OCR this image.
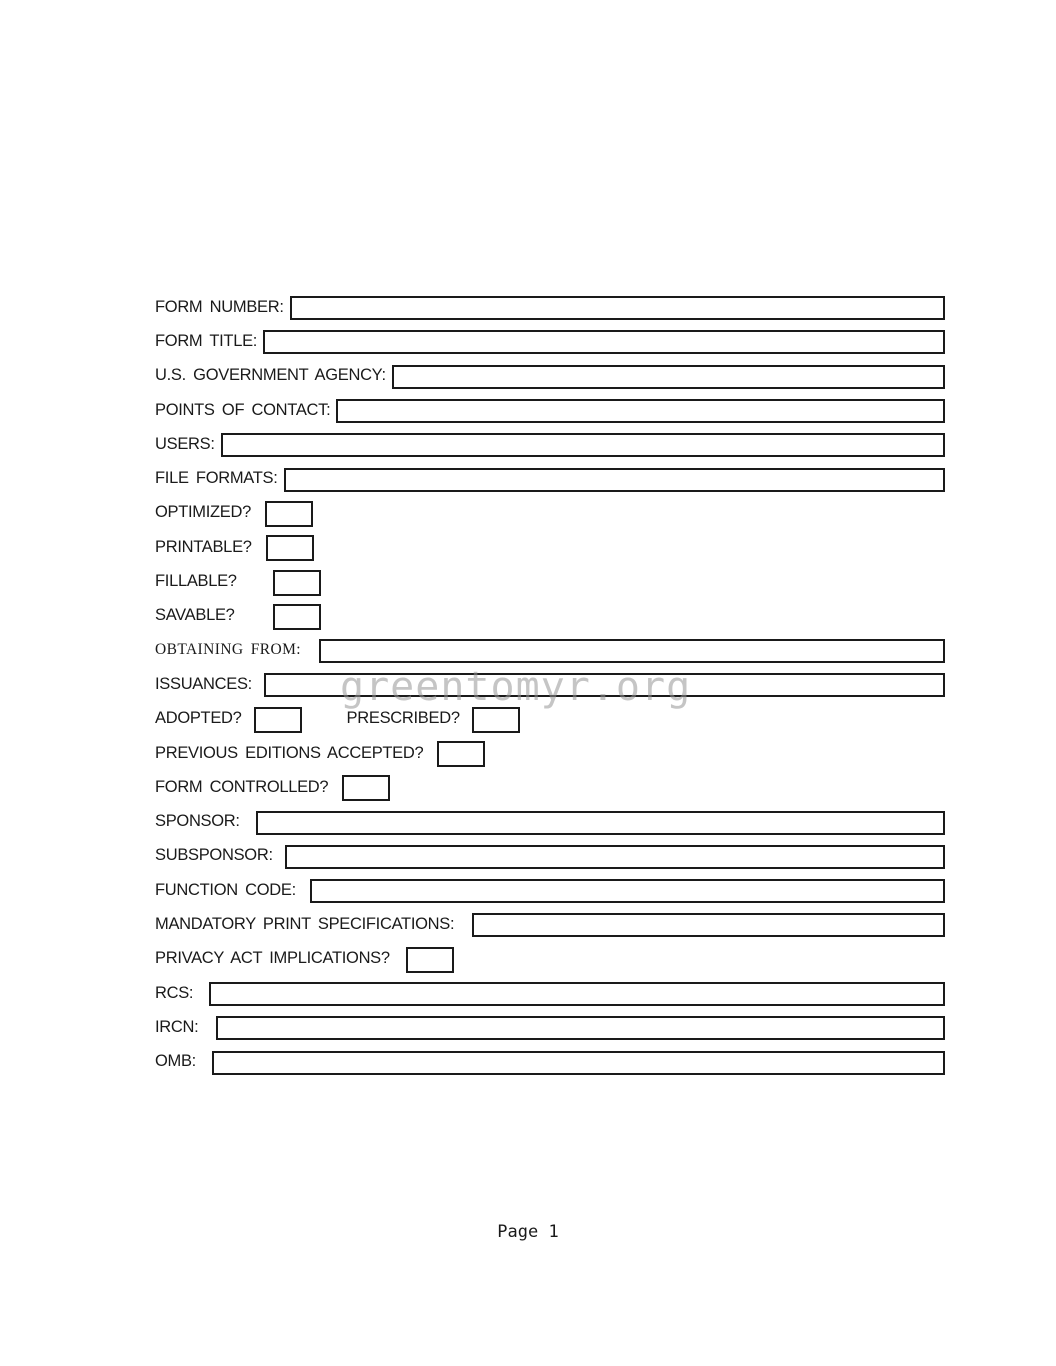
FORM NUMBER:
FORM TITLE:
U.S. GOVERNMENT AGENCY:
POINTS OF CONTACT:
USERS:
FILE FORMATS:
OPTIMIZED?
PRINTABLE?
FILLABLE?
SAVABLE?
OBTAINING FROM:
ISSUANCES:
ADOPTED?	PRESCRIBED?
PREVIOUS EDITIONS ACCEPTED?
FORM CONTROLLED?
SPONSOR:
SUBSPONSOR:
FUNCTION CODE:
MANDATORY PRINT SPECIFICATIONS:
PRIVACY ACT IMPLICATIONS?
RCS:
IRCN:
OMB:
greentomyr.org
Page 1
